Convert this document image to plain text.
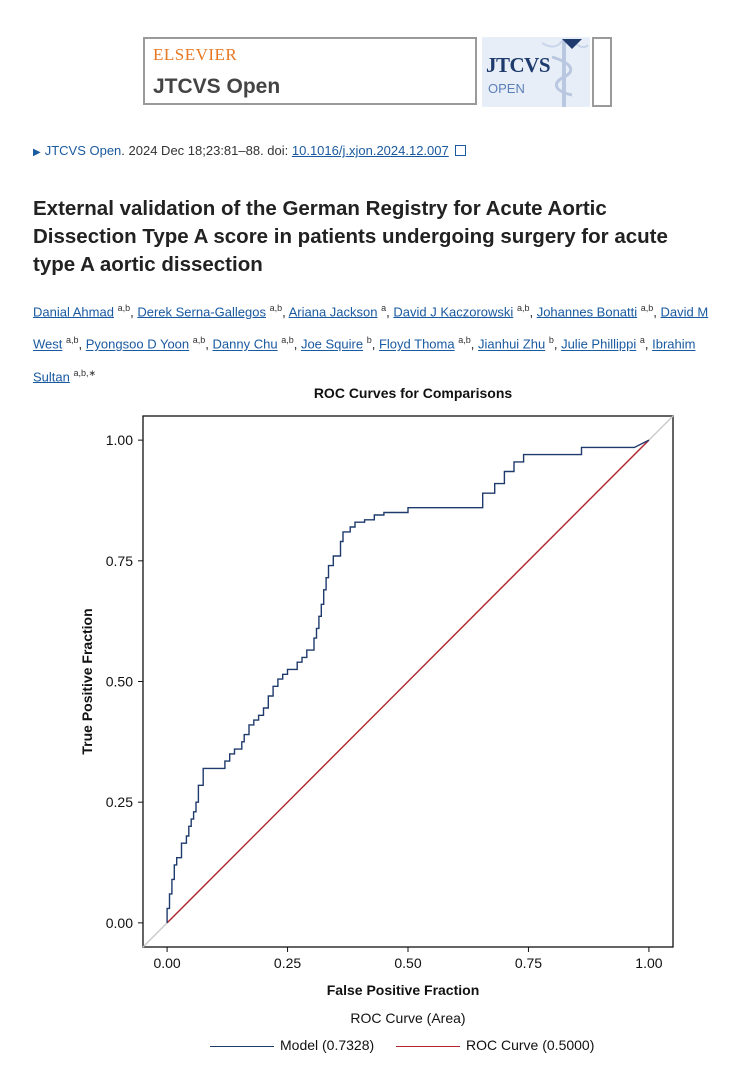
ELSEVIER
JTCVS Open
JTCVS
OPEN
▶ JTCVS Open. 2024 Dec 18;23:81–88. doi: 10.1016/j.xjon.2024.12.007
External validation of the German Registry for Acute Aortic Dissection Type A score in patients undergoing surgery for acute type A aortic dissection
Danial Ahmad $^{a,b}$, Derek Serna-Gallegos $^{a,b}$, Ariana Jackson $^a$, David J Kaczorowski $^{a,b}$, Johannes Bonatti $^{a,b}$, David M West $^{a,b}$, Pyongsoo D Yoon $^{a,b}$, Danny Chu $^{a,b}$, Joe Squire $^b$, Floyd Thoma $^{a,b}$, Jianhui Zhu $^b$, Julie Phillippi $^a$, Ibrahim Sultan $^{a,b,∗}$
ROC Curves for Comparisons
0.00	0.25	0.50	0.75	1.00
0.00
0.25
0.50
0.75
1.00
False Positive Fraction
True Positive Fraction
ROC Curve (Area)
Model (0.7328)	ROC Curve (0.5000)
